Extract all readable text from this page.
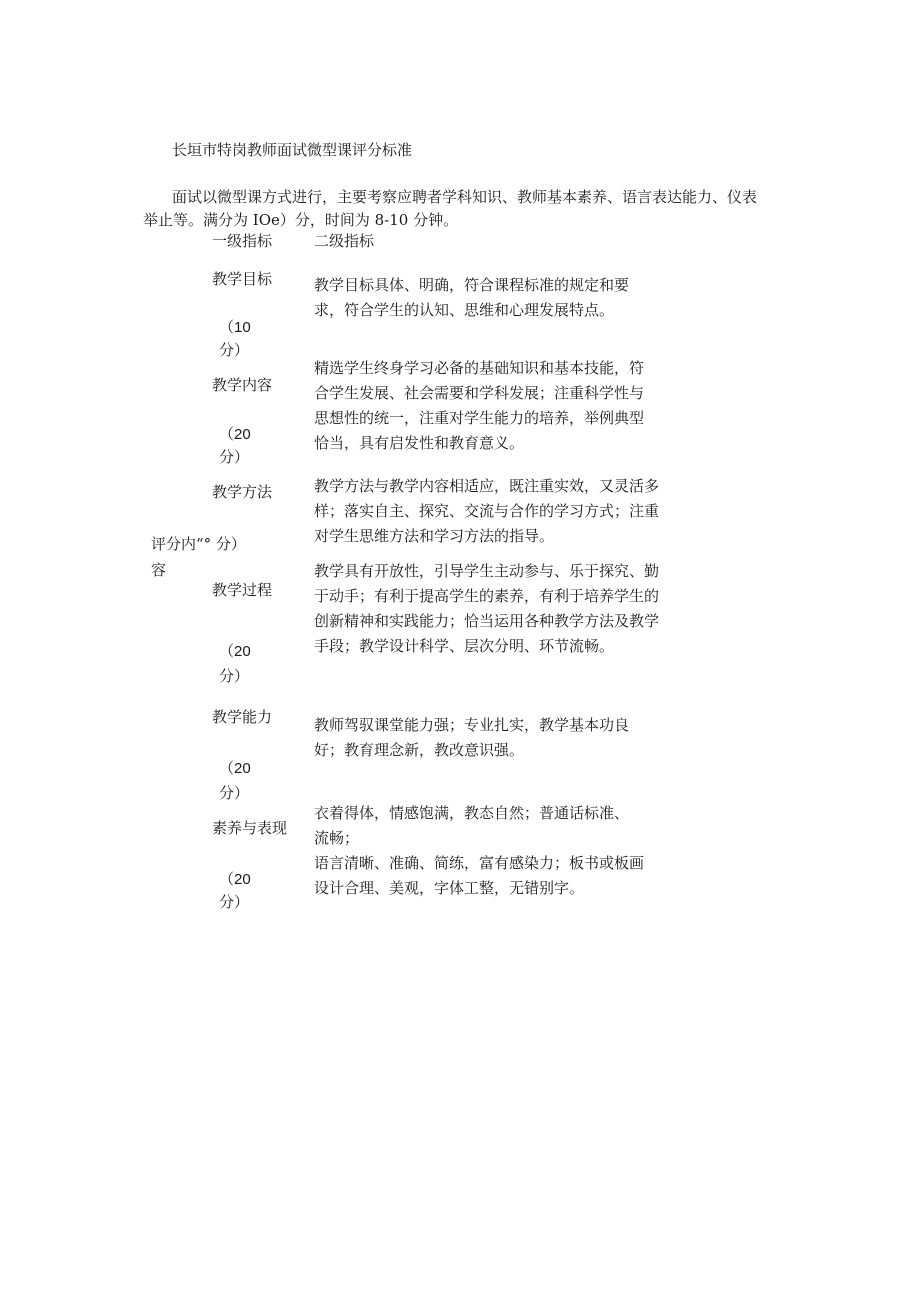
长垣市特岗教师面试微型课评分标准
面试以微型课方式进行，主要考察应聘者学科知识、教师基本素养、语言表达能力、仪表
举止等。满分为 IOe）分，时间为 8-10 分钟。
一级指标	二级指标
评分内“° 分）
容
教学目标
（10
分）
教学目标具体、明确，符合课程标准的规定和要
求，符合学生的认知、思维和心理发展特点。
教学内容
（20
分）
精选学生终身学习必备的基础知识和基本技能，符
合学生发展、社会需要和学科发展；注重科学性与
思想性的统一，注重对学生能力的培养，举例典型
恰当，具有启发性和教育意义。
教学方法	教学方法与教学内容相适应，既注重实效，又灵活多
样；落实自主、探究、交流与合作的学习方式；注重
对学生思维方法和学习方法的指导。
教学过程
（20
分）
教学具有开放性，引导学生主动参与、乐于探究、勤
于动手；有利于提高学生的素养，有利于培养学生的
创新精神和实践能力；恰当运用各种教学方法及教学
手段；教学设计科学、层次分明、环节流畅。
教学能力
（20
分）
教师驾驭课堂能力强；专业扎实，教学基本功良
好；教育理念新，教改意识强。
素养与表现
（20
分）
衣着得体，情感饱满，教态自然；普通话标准、
流畅；
语言清晰、准确、简练，富有感染力；板书或板画
设计合理、美观，字体工整，无错别字。
